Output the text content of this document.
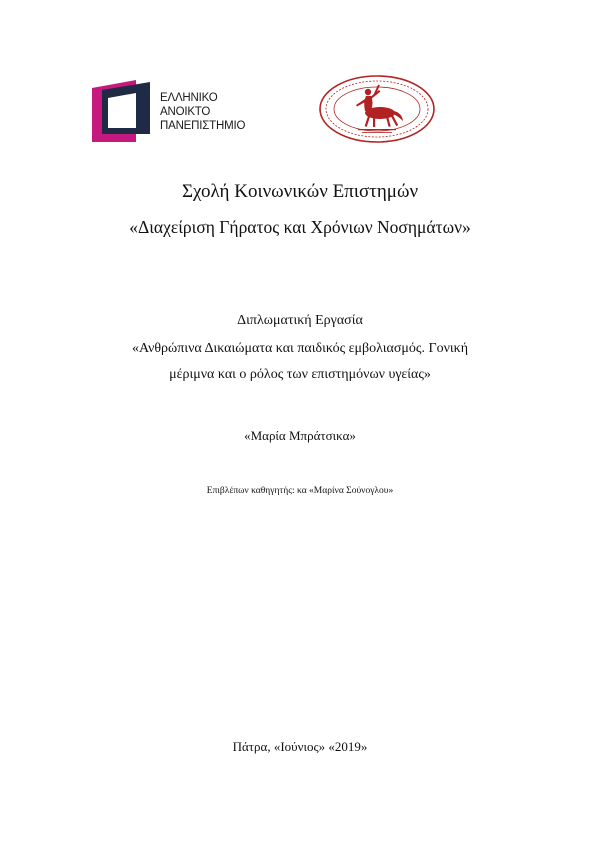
ΕΛΛΗΝΙΚΟ
ΑΝΟΙΚΤΟ
ΠΑΝΕΠΙΣΤΗΜΙΟ
Σχολή Κοινωνικών Επιστημών
«Διαχείριση Γήρατος και Χρόνιων Νοσημάτων»
Διπλωματική Εργασία
«Ανθρώπινα Δικαιώματα και παιδικός εμβολιασμός. Γονική
μέριμνα και ο ρόλος των επιστημόνων υγείας»
«Μαρία Μπράτσικα»
Επιβλέπων καθηγητής: κα «Μαρίνα Σούνογλου»
Πάτρα, «Ιούνιος» «2019»
